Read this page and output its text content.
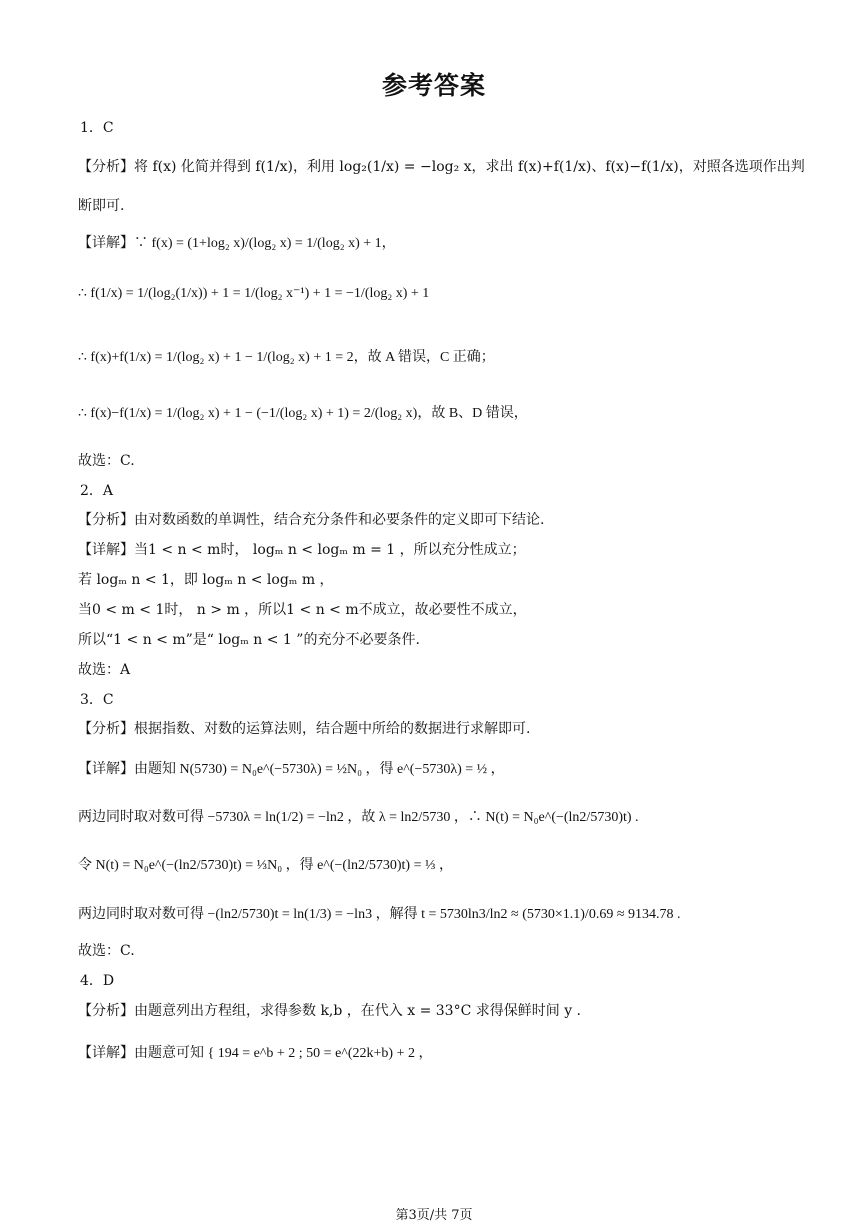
参考答案
1．C
【分析】将 f(x) 化简并得到 f(1/x)，利用 log₂(1/x) = −log₂ x，求出 f(x)+f(1/x)、f(x)−f(1/x)，对照各选项作出判
断即可.
【详解】∵ f(x) = (1+log₂ x)/(log₂ x) = 1/(log₂ x) + 1，
∴ f(1/x) = 1/(log₂(1/x)) + 1 = 1/(log₂ x⁻¹) + 1 = −1/(log₂ x) + 1
∴ f(x)+f(1/x) = 1/(log₂ x) + 1 − 1/(log₂ x) + 1 = 2，故 A 错误，C 正确；
∴ f(x)−f(1/x) = 1/(log₂ x) + 1 − (−1/(log₂ x) + 1) = 2/(log₂ x)，故 B、D 错误，
故选：C.
2．A
【分析】由对数函数的单调性，结合充分条件和必要条件的定义即可下结论.
【详解】当1 < n < m时， logₘ n < logₘ m = 1 ，所以充分性成立；
若 logₘ n < 1，即 logₘ n < logₘ m ，
当0 < m < 1时， n > m ，所以1 < n < m不成立，故必要性不成立，
所以“1 < n < m”是“ logₘ n < 1 ”的充分不必要条件.
故选：A
3．C
【分析】根据指数、对数的运算法则，结合题中所给的数据进行求解即可.
【详解】由题知 N(5730) = N₀e^(−5730λ) = ½N₀ ，得 e^(−5730λ) = ½ ，
两边同时取对数可得 −5730λ = ln(1/2) = −ln2 ，故 λ = ln2/5730 ，∴ N(t) = N₀e^(−(ln2/5730)t) .
令 N(t) = N₀e^(−(ln2/5730)t) = ⅓N₀ ，得 e^(−(ln2/5730)t) = ⅓ ，
两边同时取对数可得 −(ln2/5730)t = ln(1/3) = −ln3 ，解得 t = 5730ln3/ln2 ≈ (5730×1.1)/0.69 ≈ 9134.78 .
故选：C.
4．D
【分析】由题意列出方程组，求得参数 k,b ，在代入 x = 33°C 求得保鲜时间 y .
【详解】由题意可知 { 194 = e^b + 2 ; 50 = e^(22k+b) + 2 ，
第3页/共 7页
